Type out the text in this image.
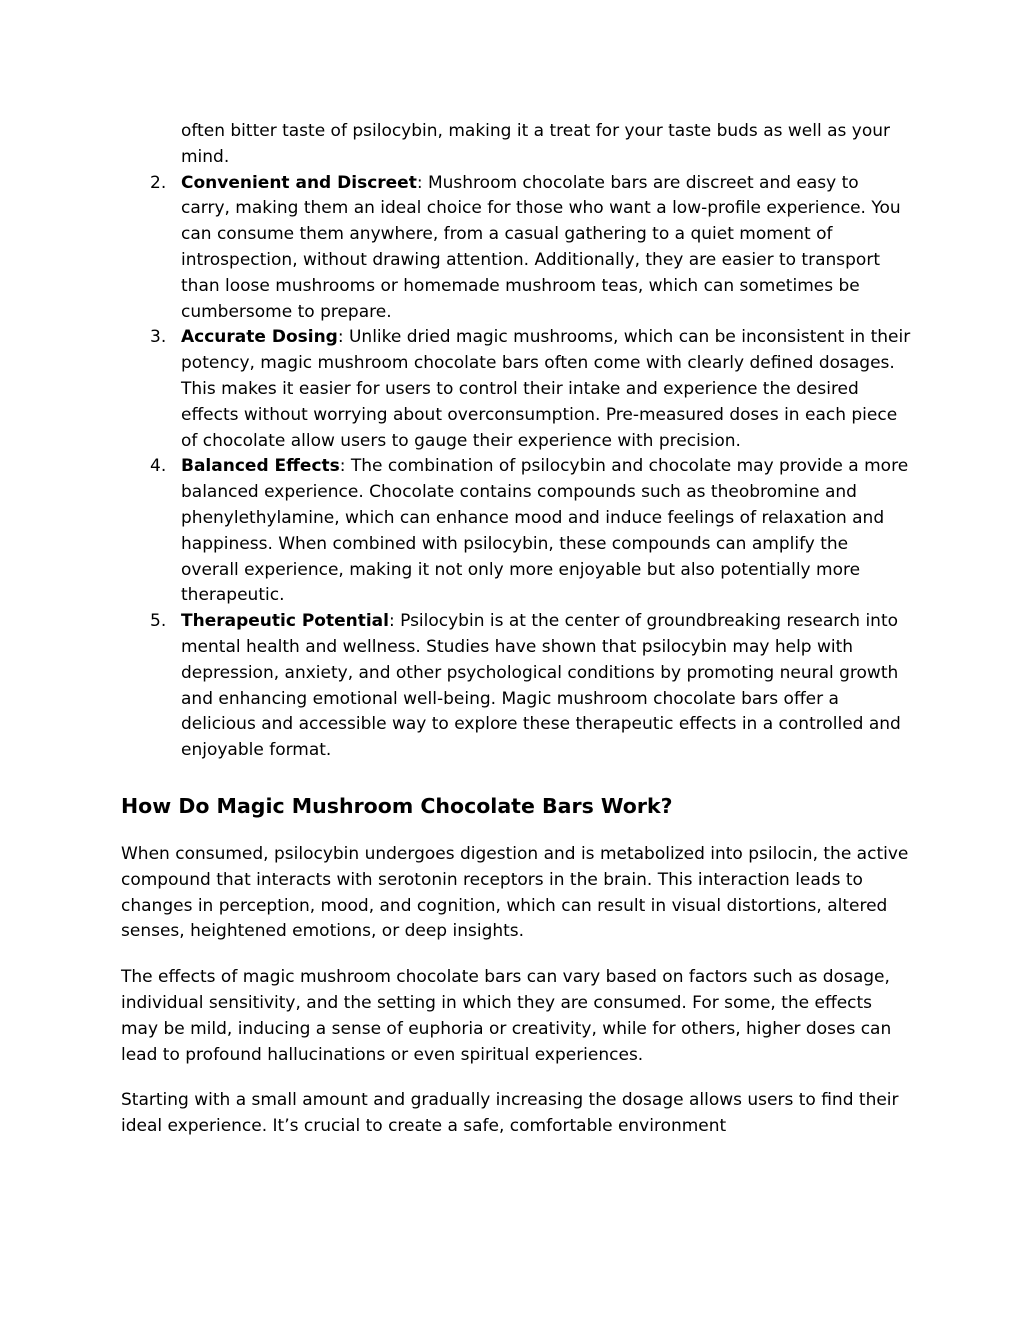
often bitter taste of psilocybin, making it a treat for your taste buds as well as your mind.

2. Convenient and Discreet: Mushroom chocolate bars are discreet and easy to carry, making them an ideal choice for those who want a low-profile experience. You can consume them anywhere, from a casual gathering to a quiet moment of introspection, without drawing attention. Additionally, they are easier to transport than loose mushrooms or homemade mushroom teas, which can sometimes be cumbersome to prepare.
3. Accurate Dosing: Unlike dried magic mushrooms, which can be inconsistent in their potency, magic mushroom chocolate bars often come with clearly defined dosages. This makes it easier for users to control their intake and experience the desired effects without worrying about overconsumption. Pre-measured doses in each piece of chocolate allow users to gauge their experience with precision.
4. Balanced Effects: The combination of psilocybin and chocolate may provide a more balanced experience. Chocolate contains compounds such as theobromine and phenylethylamine, which can enhance mood and induce feelings of relaxation and happiness. When combined with psilocybin, these compounds can amplify the overall experience, making it not only more enjoyable but also potentially more therapeutic.
5. Therapeutic Potential: Psilocybin is at the center of groundbreaking research into mental health and wellness. Studies have shown that psilocybin may help with depression, anxiety, and other psychological conditions by promoting neural growth and enhancing emotional well-being. Magic mushroom chocolate bars offer a delicious and accessible way to explore these therapeutic effects in a controlled and enjoyable format.
How Do Magic Mushroom Chocolate Bars Work?

When consumed, psilocybin undergoes digestion and is metabolized into psilocin, the active compound that interacts with serotonin receptors in the brain. This interaction leads to changes in perception, mood, and cognition, which can result in visual distortions, altered senses, heightened emotions, or deep insights.

The effects of magic mushroom chocolate bars can vary based on factors such as dosage, individual sensitivity, and the setting in which they are consumed. For some, the effects may be mild, inducing a sense of euphoria or creativity, while for others, higher doses can lead to profound hallucinations or even spiritual experiences.

Starting with a small amount and gradually increasing the dosage allows users to find their ideal experience. It’s crucial to create a safe, comfortable environment
